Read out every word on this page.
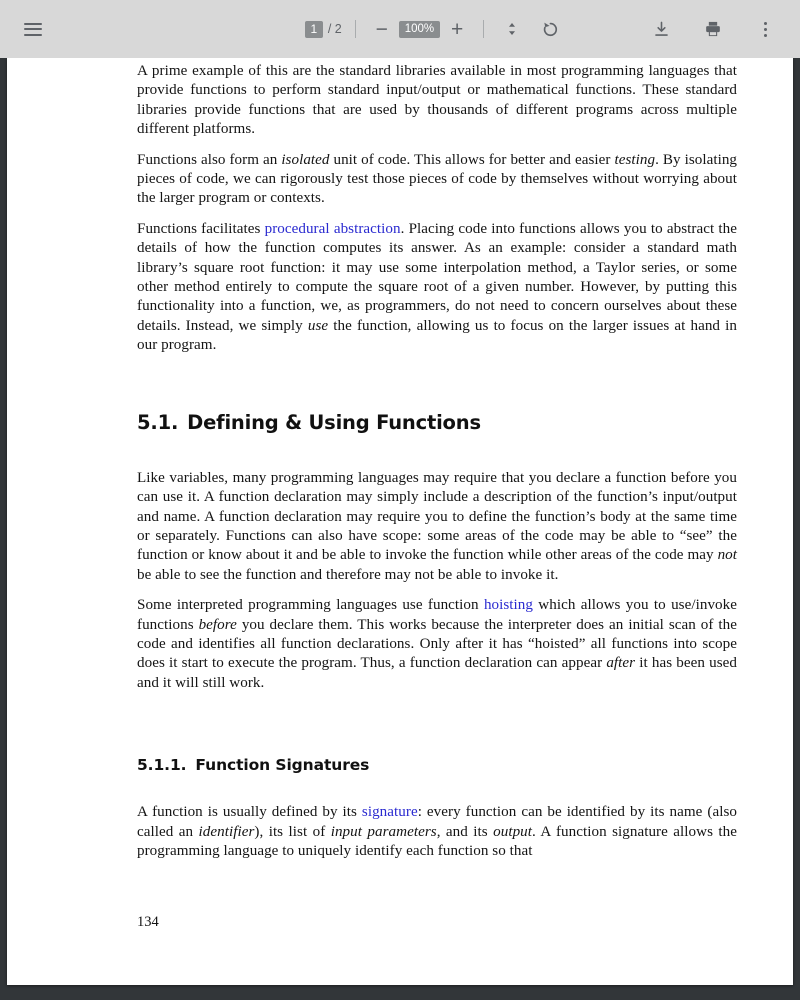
1 / 2	−	100% +

A prime example of this are the standard libraries available in most programming languages that provide functions to perform standard input/output or mathematical functions. These standard libraries provide functions that are used by thousands of different programs across multiple different platforms.

Functions also form an isolated unit of code. This allows for better and easier testing. By isolating pieces of code, we can rigorously test those pieces of code by themselves without worrying about the larger program or contexts.

Functions facilitates procedural abstraction. Placing code into functions allows you to abstract the details of how the function computes its answer. As an example: consider a standard math library’s square root function: it may use some interpolation method, a Taylor series, or some other method entirely to compute the square root of a given number. However, by putting this functionality into a function, we, as programmers, do not need to concern ourselves about these details. Instead, we simply use the function, allowing us to focus on the larger issues at hand in our program.

5.1. Defining & Using Functions

Like variables, many programming languages may require that you declare a function before you can use it. A function declaration may simply include a description of the function’s input/output and name. A function declaration may require you to define the function’s body at the same time or separately. Functions can also have scope: some areas of the code may be able to “see” the function or know about it and be able to invoke the function while other areas of the code may not be able to see the function and therefore may not be able to invoke it.

Some interpreted programming languages use function hoisting which allows you to use/invoke functions before you declare them. This works because the interpreter does an initial scan of the code and identifies all function declarations. Only after it has “hoisted” all functions into scope does it start to execute the program. Thus, a function declaration can appear after it has been used and it will still work.

5.1.1. Function Signatures

A function is usually defined by its signature: every function can be identified by its name (also called an identifier), its list of input parameters, and its output. A function signature allows the programming language to uniquely identify each function so that

134
